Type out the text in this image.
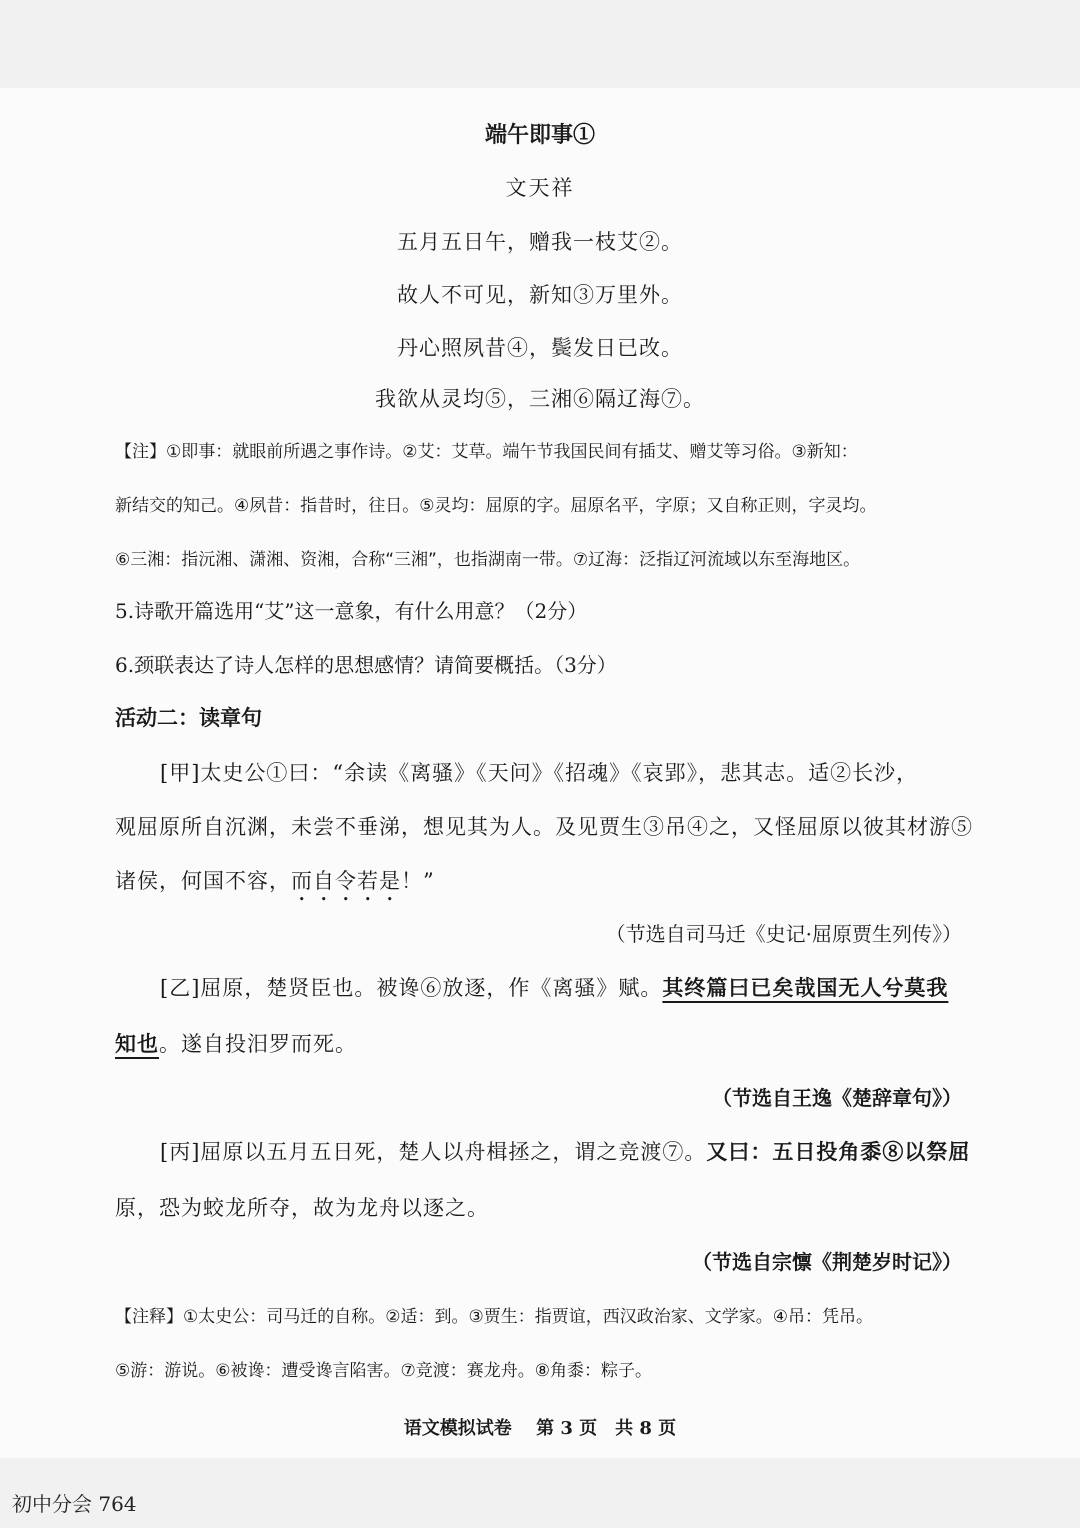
端午即事①
文天祥
五月五日午，赠我一枝艾②。
故人不可见，新知③万里外。
丹心照夙昔④，鬓发日已改。
我欲从灵均⑤，三湘⑥隔辽海⑦。
【注】①即事：就眼前所遇之事作诗。②艾：艾草。端午节我国民间有插艾、赠艾等习俗。③新知：
新结交的知己。④夙昔：指昔时，往日。⑤灵均：屈原的字。屈原名平，字原；又自称正则，字灵均。
⑥三湘：指沅湘、潇湘、资湘，合称“三湘”，也指湖南一带。⑦辽海：泛指辽河流域以东至海地区。
5.诗歌开篇选用“艾”这一意象，有什么用意？（2分）
6.颈联表达了诗人怎样的思想感情？请简要概括。（3分）
活动二：读章句
[甲]太史公①曰：“余读《离骚》《天问》《招魂》《哀郢》，悲其志。适②长沙，
观屈原所自沉渊，未尝不垂涕，想见其为人。及见贾生③吊④之，又怪屈原以彼其材游⑤
诸侯，何国不容，而自令若是！”
（节选自司马迁《史记·屈原贾生列传》）
[乙]屈原，楚贤臣也。被谗⑥放逐，作《离骚》赋。其终篇曰已矣哉国无人兮莫我
知也。遂自投汨罗而死。
（节选自王逸《楚辞章句》）
[丙]屈原以五月五日死，楚人以舟楫拯之，谓之竞渡⑦。又曰：五日投角黍⑧以祭屈
原，恐为蛟龙所夺，故为龙舟以逐之。
（节选自宗懔《荆楚岁时记》）
【注释】①太史公：司马迁的自称。②适：到。③贾生：指贾谊，西汉政治家、文学家。④吊：凭吊。
⑤游：游说。⑥被谗：遭受谗言陷害。⑦竞渡：赛龙舟。⑧角黍：粽子。
语文模拟试卷　 第 3 页　共 8 页
初中分会 764
